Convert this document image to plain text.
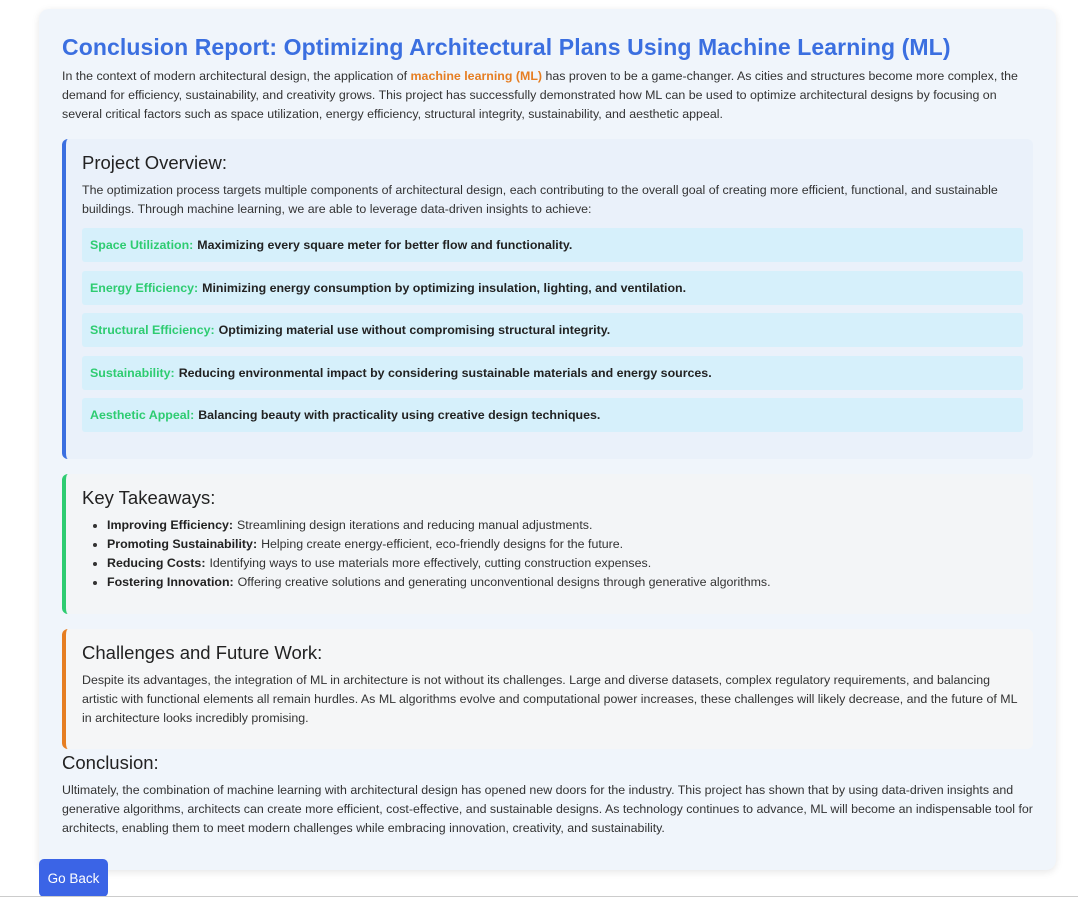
Conclusion Report: Optimizing Architectural Plans Using Machine Learning (ML)

In the context of modern architectural design, the application of machine learning (ML) has proven to be a game-changer. As cities and structures become more complex, the demand for efficiency, sustainability, and creativity grows. This project has successfully demonstrated how ML can be used to optimize architectural designs by focusing on several critical factors such as space utilization, energy efficiency, structural integrity, sustainability, and aesthetic appeal.

Project Overview:

The optimization process targets multiple components of architectural design, each contributing to the overall goal of creating more efficient, functional, and sustainable buildings. Through machine learning, we are able to leverage data-driven insights to achieve:

Space Utilization: Maximizing every square meter for better flow and functionality.
Energy Efficiency: Minimizing energy consumption by optimizing insulation, lighting, and ventilation.
Structural Efficiency: Optimizing material use without compromising structural integrity.
Sustainability: Reducing environmental impact by considering sustainable materials and energy sources.
Aesthetic Appeal: Balancing beauty with practicality using creative design techniques.
Key Takeaways:
• Improving Efficiency: Streamlining design iterations and reducing manual adjustments.
• Promoting Sustainability: Helping create energy-efficient, eco-friendly designs for the future.
• Reducing Costs: Identifying ways to use materials more effectively, cutting construction expenses.
• Fostering Innovation: Offering creative solutions and generating unconventional designs through generative algorithms.
Challenges and Future Work:

Despite its advantages, the integration of ML in architecture is not without its challenges. Large and diverse datasets, complex regulatory requirements, and balancing artistic with functional elements all remain hurdles. As ML algorithms evolve and computational power increases, these challenges will likely decrease, and the future of ML in architecture looks incredibly promising.

Conclusion:

Ultimately, the combination of machine learning with architectural design has opened new doors for the industry. This project has shown that by using data-driven insights and generative algorithms, architects can create more efficient, cost-effective, and sustainable designs. As technology continues to advance, ML will become an indispensable tool for architects, enabling them to meet modern challenges while embracing innovation, creativity, and sustainability.

Go Back
